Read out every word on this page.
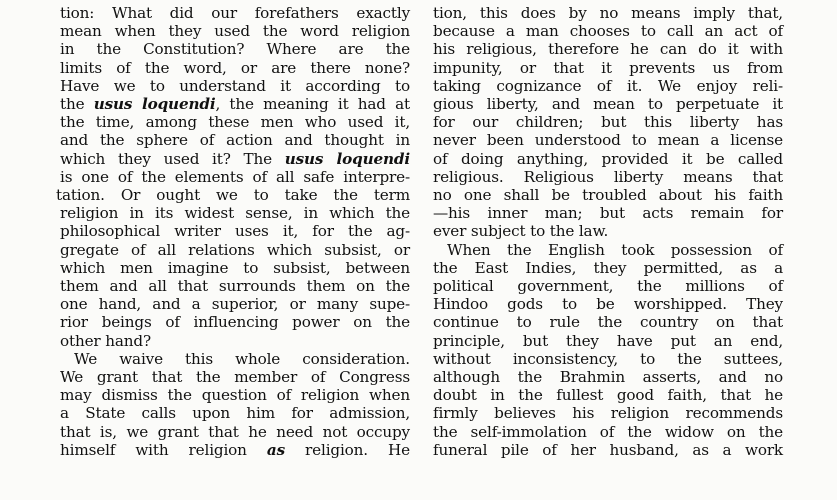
tion: What did our forefathers exactly
mean when they used the word religion
in the Constitution? Where are the
limits of the word, or are there none?
Have we to understand it according to
the usus loquendi, the meaning it had at
the time, among these men who used it,
and the sphere of action and thought in
which they used it? The usus loquendi
is one of the elements of all safe interpre-
tation. Or ought we to take the term
religion in its widest sense, in which the
philosophical writer uses it, for the ag-
gregate of all relations which subsist, or
which men imagine to subsist, between
them and all that surrounds them on the
one hand, and a superior, or many supe-
rior beings of influencing power on the
other hand?
We waive this whole consideration.
We grant that the member of Congress
may dismiss the question of religion when
a State calls upon him for admission,
that is, we grant that he need not occupy
himself with religion as religion. He
tion, this does by no means imply that,
because a man chooses to call an act of
his religious, therefore he can do it with
impunity, or that it prevents us from
taking cognizance of it. We enjoy reli-
gious liberty, and mean to perpetuate it
for our children; but this liberty has
never been understood to mean a license
of doing anything, provided it be called
religious. Religious liberty means that
no one shall be troubled about his faith
—his inner man; but acts remain for
ever subject to the law.
When the English took possession of
the East Indies, they permitted, as a
political government, the millions of
Hindoo gods to be worshipped. They
continue to rule the country on that
principle, but they have put an end,
without inconsistency, to the suttees,
although the Brahmin asserts, and no
doubt in the fullest good faith, that he
firmly believes his religion recommends
the self-immolation of the widow on the
funeral pile of her husband, as a work
